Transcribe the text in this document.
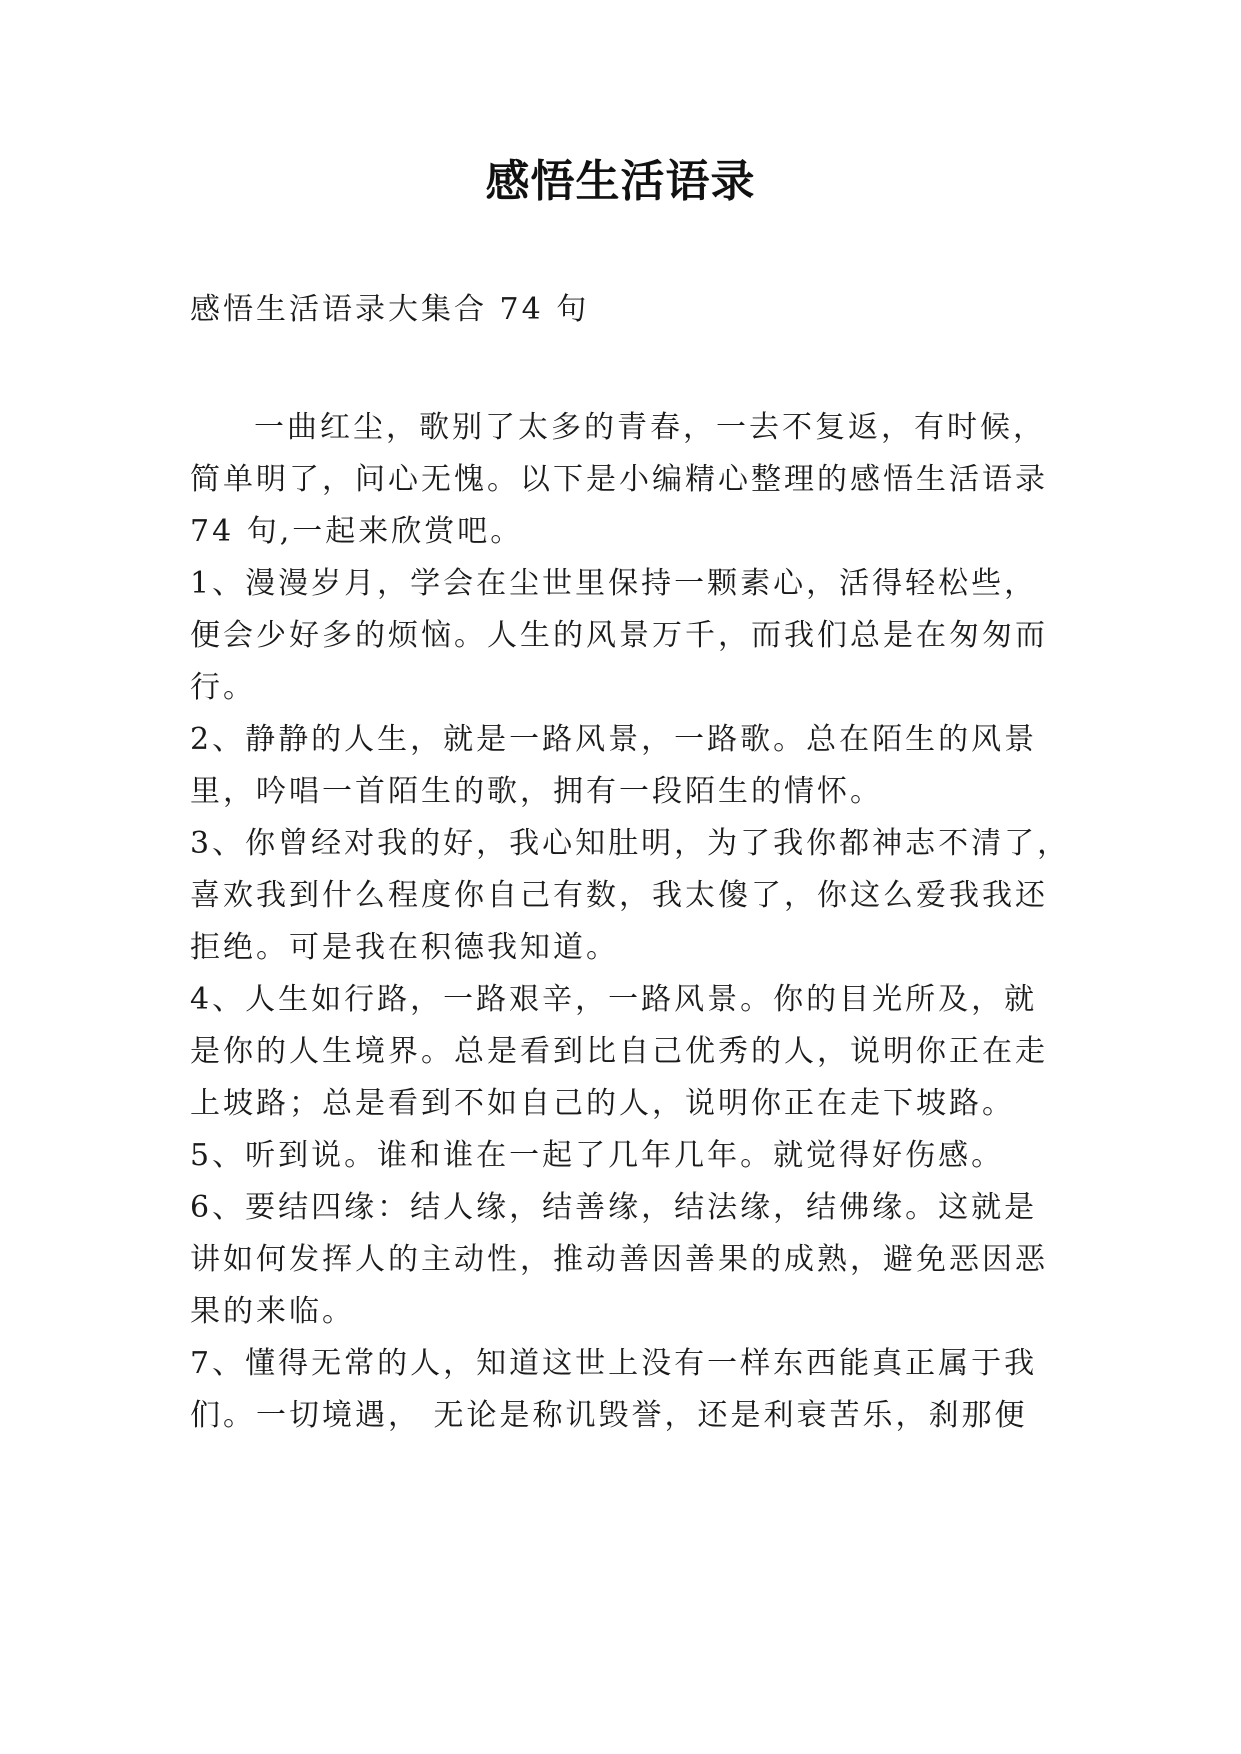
感悟生活语录

感悟生活语录大集合 74 句

一曲红尘，歌别了太多的青春，一去不复返，有时候，

简单明了，问心无愧。以下是小编精心整理的感悟生活语录

74 句,一起来欣赏吧。

1、漫漫岁月，学会在尘世里保持一颗素心，活得轻松些，

便会少好多的烦恼。人生的风景万千，而我们总是在匆匆而

行。

2、静静的人生，就是一路风景，一路歌。总在陌生的风景

里，吟唱一首陌生的歌，拥有一段陌生的情怀。

3、你曾经对我的好，我心知肚明，为了我你都神志不清了，

喜欢我到什么程度你自己有数，我太傻了，你这么爱我我还

拒绝。可是我在积德我知道。

4、人生如行路，一路艰辛，一路风景。你的目光所及，就

是你的人生境界。总是看到比自己优秀的人，说明你正在走

上坡路；总是看到不如自己的人，说明你正在走下坡路。

5、听到说。谁和谁在一起了几年几年。就觉得好伤感。

6、要结四缘：结人缘，结善缘，结法缘，结佛缘。这就是

讲如何发挥人的主动性，推动善因善果的成熟，避免恶因恶

果的来临。

7、懂得无常的人，知道这世上没有一样东西能真正属于我

们。一切境遇， 无论是称讥毁誉，还是利衰苦乐，刹那便
